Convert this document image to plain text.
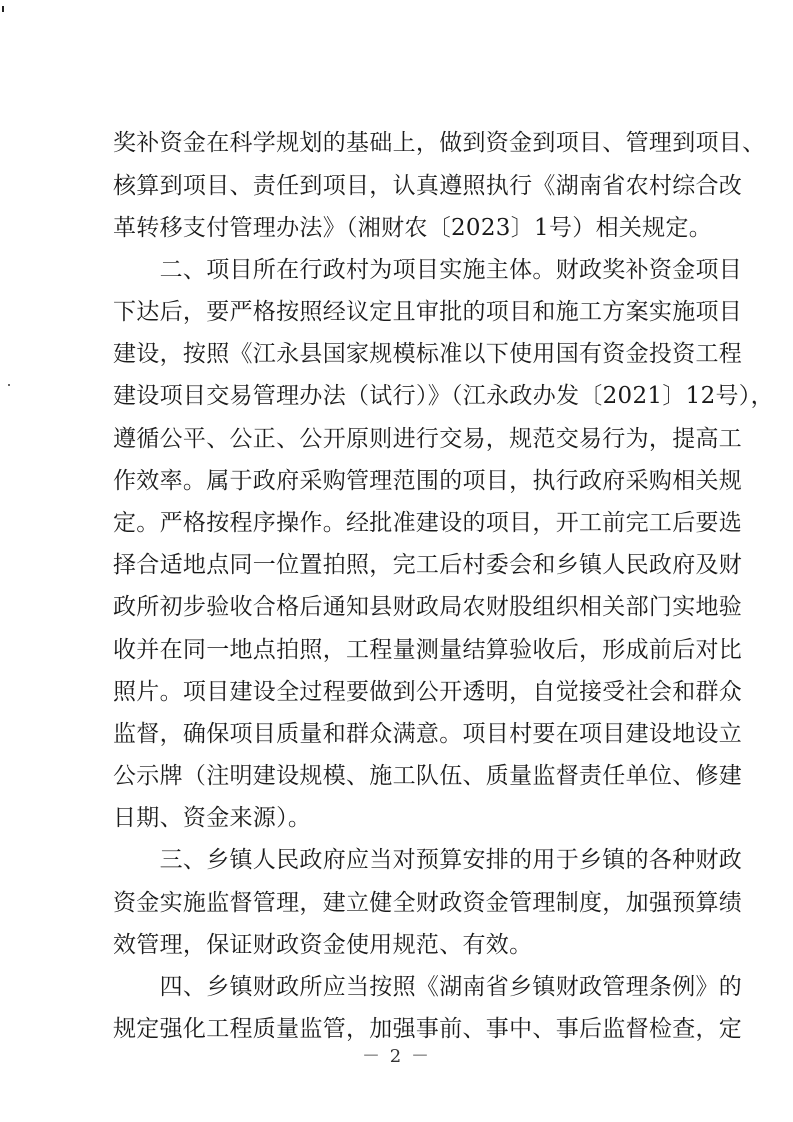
奖补资金在科学规划的基础上，做到资金到项目、管理到项目、
核算到项目、责任到项目，认真遵照执行《湖南省农村综合改
革转移支付管理办法》（湘财农〔2023〕1号）相关规定。
　　二、项目所在行政村为项目实施主体。财政奖补资金项目
下达后，要严格按照经议定且审批的项目和施工方案实施项目
建设，按照《江永县国家规模标准以下使用国有资金投资工程
建设项目交易管理办法（试行）》（江永政办发〔2021〕12号），
遵循公平、公正、公开原则进行交易，规范交易行为，提高工
作效率。属于政府采购管理范围的项目，执行政府采购相关规
定。严格按程序操作。经批准建设的项目，开工前完工后要选
择合适地点同一位置拍照，完工后村委会和乡镇人民政府及财
政所初步验收合格后通知县财政局农财股组织相关部门实地验
收并在同一地点拍照，工程量测量结算验收后，形成前后对比
照片。项目建设全过程要做到公开透明，自觉接受社会和群众
监督，确保项目质量和群众满意。项目村要在项目建设地设立
公示牌（注明建设规模、施工队伍、质量监督责任单位、修建
日期、资金来源）。
　　三、乡镇人民政府应当对预算安排的用于乡镇的各种财政
资金实施监督管理，建立健全财政资金管理制度，加强预算绩
效管理，保证财政资金使用规范、有效。
　　四、乡镇财政所应当按照《湖南省乡镇财政管理条例》的
规定强化工程质量监管，加强事前、事中、事后监督检查，定
－ 2 －
